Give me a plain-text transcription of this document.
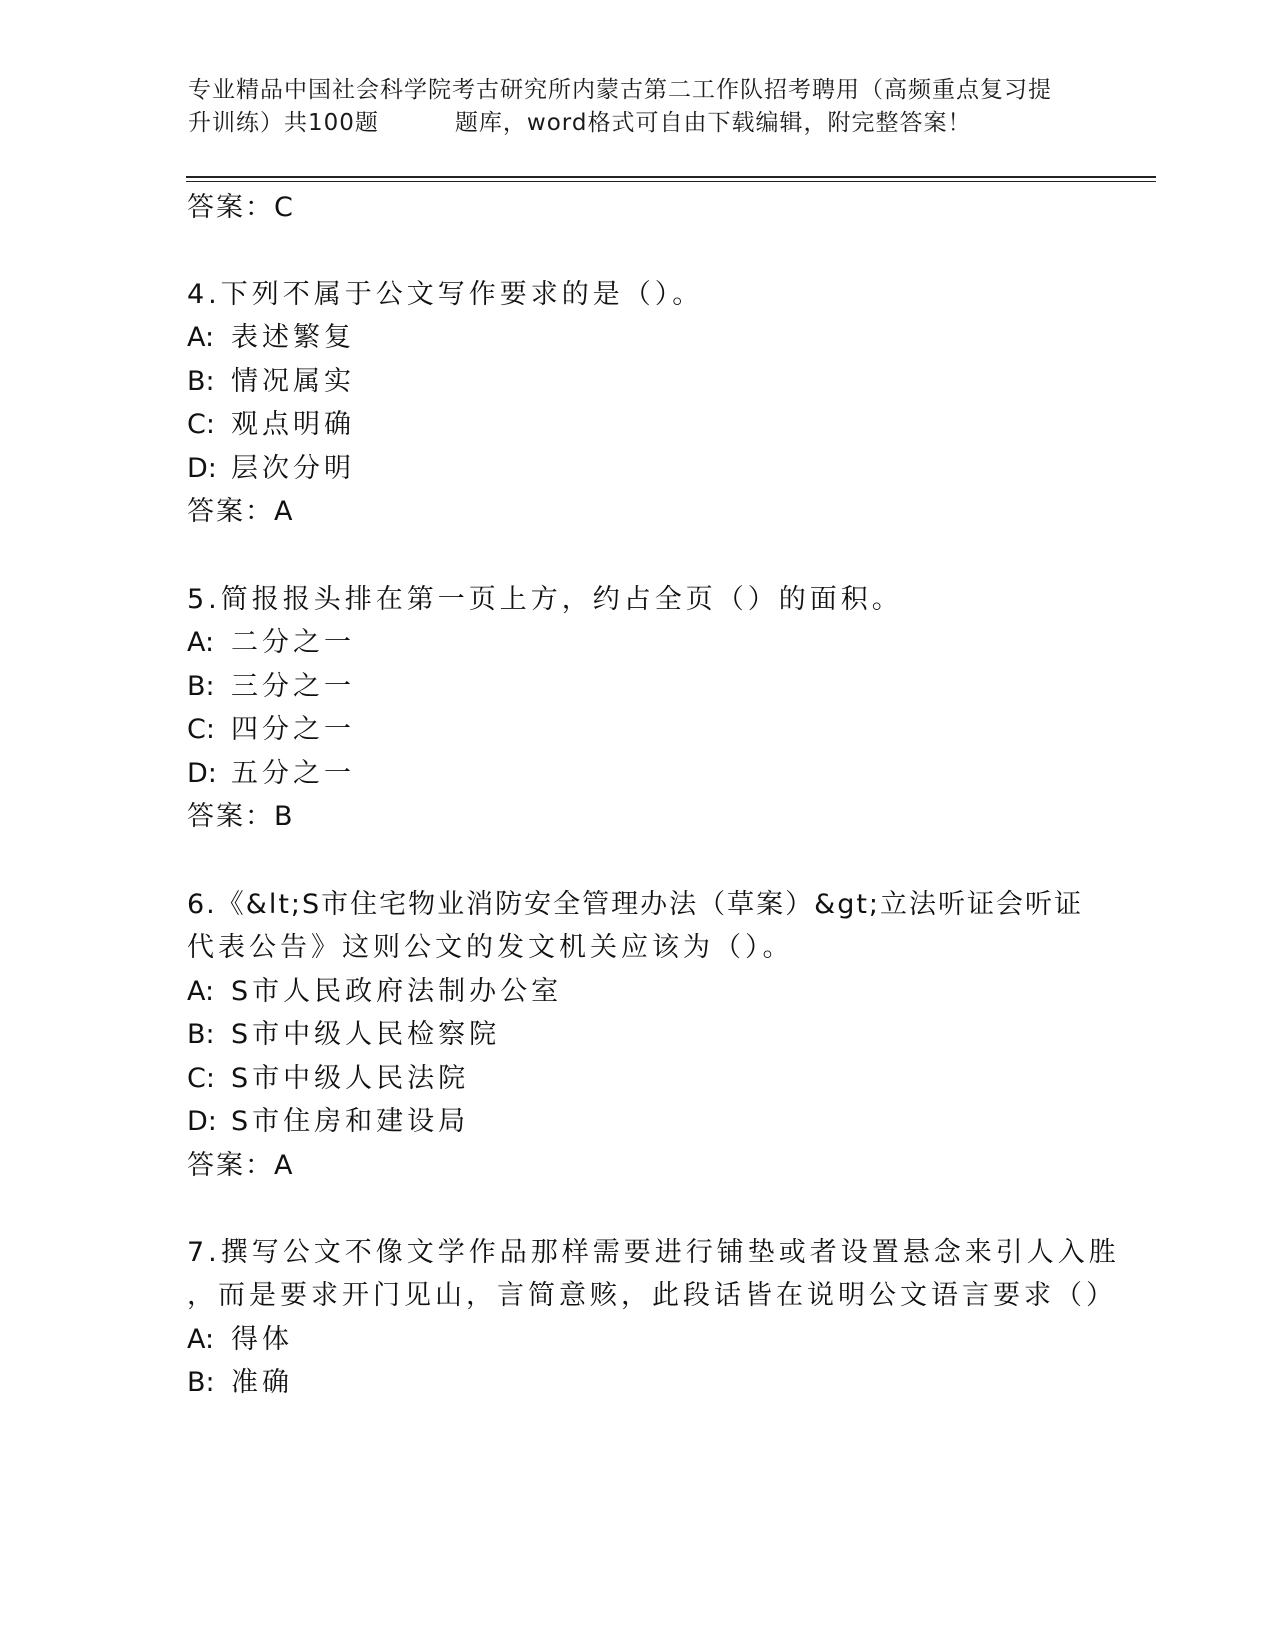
专业精品中国社会科学院考古研究所内蒙古第二工作队招考聘用（高频重点复习提
升训练）共100题	题库，word格式可自由下载编辑，附完整答案！
答案：C
4.下列不属于公文写作要求的是（）。
A: 表述繁复
B: 情况属实
C: 观点明确
D: 层次分明
答案：A
5.简报报头排在第一页上方，约占全页（）的面积。
A: 二分之一
B: 三分之一
C: 四分之一
D: 五分之一
答案：B
6.《&lt;S市住宅物业消防安全管理办法（草案）&gt;立法听证会听证
代表公告》这则公文的发文机关应该为（）。
A: S市人民政府法制办公室
B: S市中级人民检察院
C: S市中级人民法院
D: S市住房和建设局
答案：A
7.撰写公文不像文学作品那样需要进行铺垫或者设置悬念来引人入胜
，而是要求开门见山，言简意赅，此段话皆在说明公文语言要求（）
A: 得体
B: 准确
